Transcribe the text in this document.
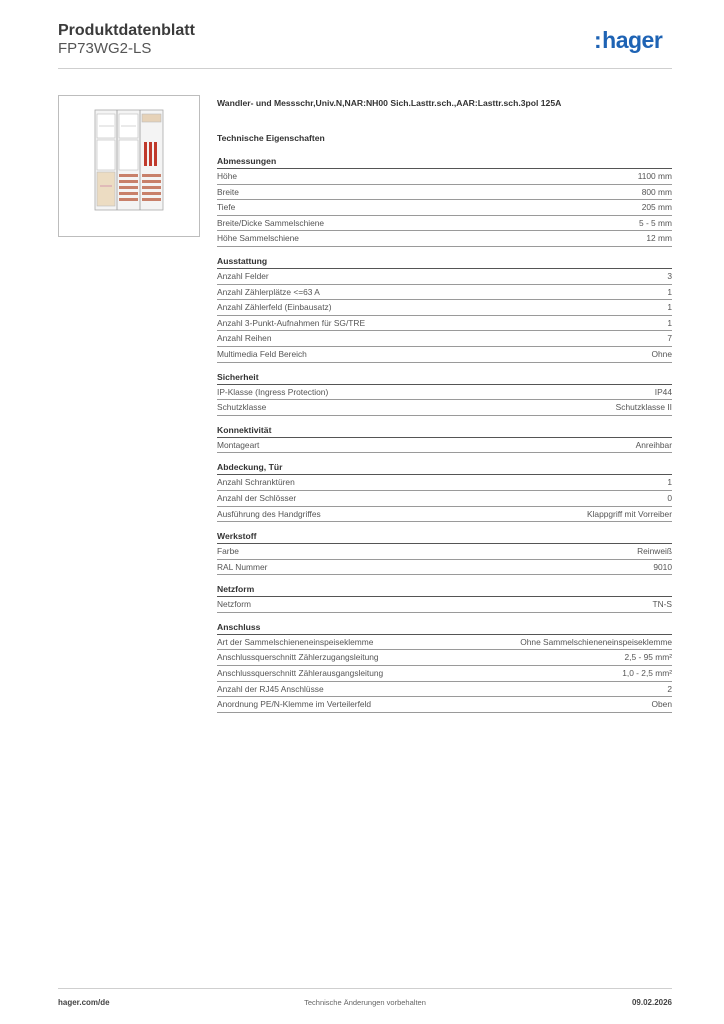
Produktdatenblatt
FP73WG2-LS	:hager
Wandler- und Messschr,Univ.N,NAR:NH00 Sich.Lasttr.sch.,AAR:Lasttr.sch.3pol 125A
Technische Eigenschaften
Abmessungen
Höhe	1100 mm
Breite	800 mm
Tiefe	205 mm
Breite/Dicke Sammelschiene	5 - 5 mm
Höhe Sammelschiene	12 mm
Ausstattung
Anzahl Felder	3
Anzahl Zählerplätze <=63 A	1
Anzahl Zählerfeld (Einbausatz)	1
Anzahl 3-Punkt-Aufnahmen für SG/TRE	1
Anzahl Reihen	7
Multimedia Feld Bereich	Ohne
Sicherheit
IP-Klasse (Ingress Protection)	IP44
Schutzklasse	Schutzklasse II
Konnektivität
Montageart	Anreihbar
Abdeckung, Tür
Anzahl Schranktüren	1
Anzahl der Schlösser	0
Ausführung des Handgriffes	Klappgriff mit Vorreiber
Werkstoff
Farbe	Reinweiß
RAL Nummer	9010
Netzform
Netzform	TN-S
Anschluss
Art der Sammelschieneneinspeiseklemme	Ohne Sammelschieneneinspeiseklemme
Anschlussquerschnitt Zählerzugangsleitung	2,5 - 95 mm²
Anschlussquerschnitt Zählerausgangsleitung	1,0 - 2,5 mm²
Anzahl der RJ45 Anschlüsse	2
Anordnung PE/N-Klemme im Verteilerfeld	Oben
hager.com/de	Technische Änderungen vorbehalten	09.02.2026
